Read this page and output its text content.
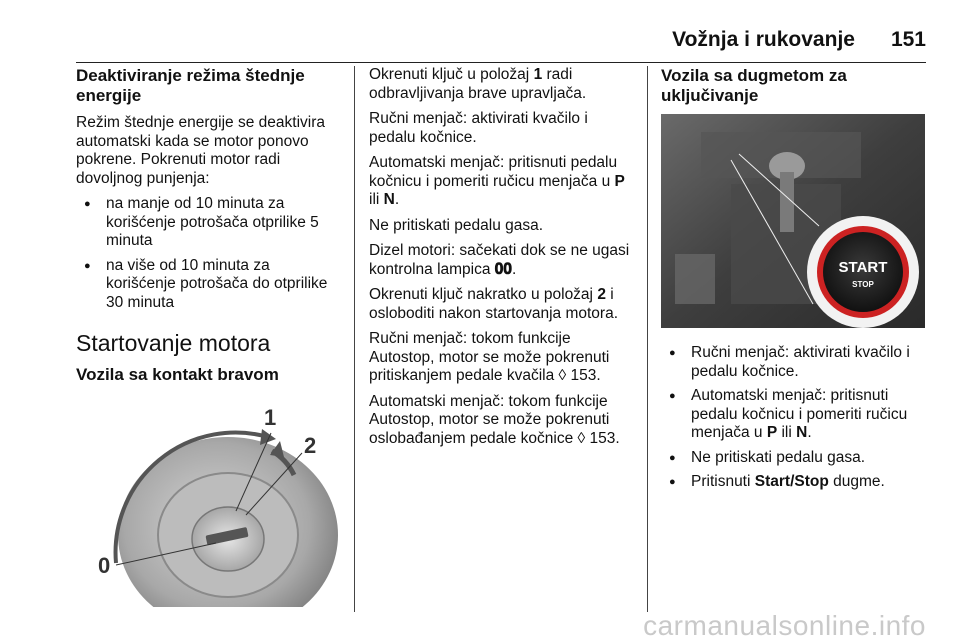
Vožnja i rukovanje 151
Deaktiviranje režima štednje energije

Režim štednje energije se deaktivira automatski kada se motor ponovo pokrene. Pokrenuti motor radi dovoljnog punjenja:

● na manje od 10 minuta za korišćenje potrošača otprilike 5 minuta
● na više od 10 minuta za korišćenje potrošača do otprilike 30 minuta
Startovanje motora
Vozila sa kontakt bravom
0
1
2

Okrenuti ključ u položaj 1 radi odbravljivanja brave upravljača.

Ručni menjač: aktivirati kvačilo i pedalu kočnice.

Automatski menjač: pritisnuti pedalu kočnicu i pomeriti ručicu menjača u P ili N.

Ne pritiskati pedalu gasa.

Dizel motori: sačekati dok se ne ugasi kontrolna lampica 𝟎𝟎.

Okrenuti ključ nakratko u položaj 2 i osloboditi nakon startovanja motora.

Ručni menjač: tokom funkcije Autostop, motor se može pokrenuti pritiskanjem pedale kvačila ◊ 153.

Automatski menjač: tokom funkcije Autostop, motor se može pokrenuti oslobađanjem pedale kočnice ◊ 153.

Vozila sa dugmetom za uključivanje
START
STOP
● Ručni menjač: aktivirati kvačilo i pedalu kočnice.
● Automatski menjač: pritisnuti pedalu kočnicu i pomeriti ručicu menjača u P ili N.
● Ne pritiskati pedalu gasa.
● Pritisnuti Start/Stop dugme.
carmanualsonline.info
